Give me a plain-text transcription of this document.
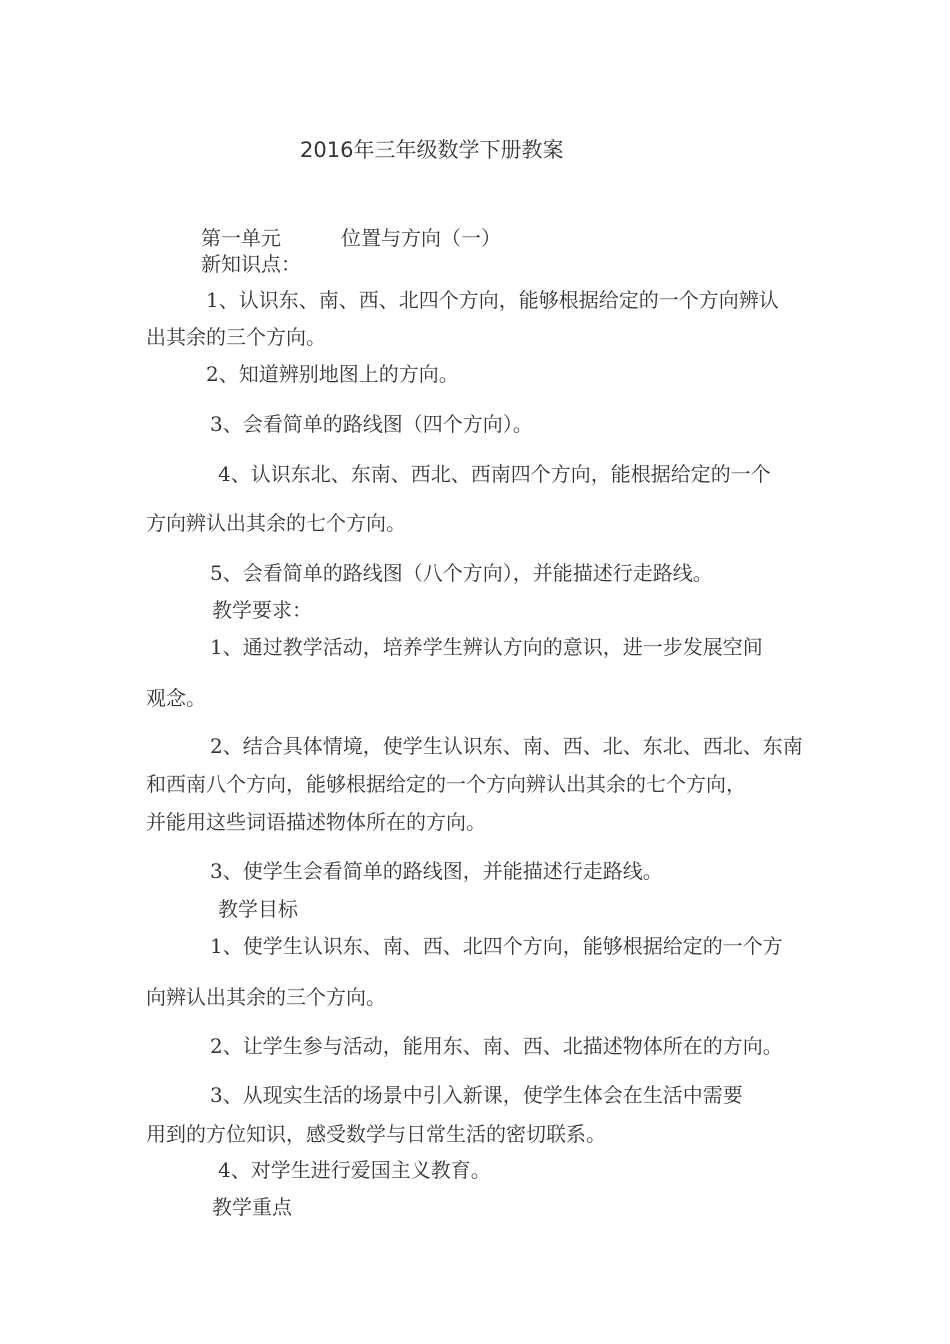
2016年三年级数学下册教案
第一单元	位置与方向（一）
新知识点：
1、认识东、南、西、北四个方向，能够根据给定的一个方向辨认
出其余的三个方向。
2、知道辨别地图上的方向。
3、会看简单的路线图（四个方向）。
4、认识东北、东南、西北、西南四个方向，能根据给定的一个
方向辨认出其余的七个方向。
5、会看简单的路线图（八个方向），并能描述行走路线。
教学要求：
1、通过教学活动，培养学生辨认方向的意识，进一步发展空间
观念。
2、结合具体情境，使学生认识东、南、西、北、东北、西北、东南
和西南八个方向，能够根据给定的一个方向辨认出其余的七个方向，
并能用这些词语描述物体所在的方向。
3、使学生会看简单的路线图，并能描述行走路线。
教学目标
1、使学生认识东、南、西、北四个方向，能够根据给定的一个方
向辨认出其余的三个方向。
2、让学生参与活动，能用东、南、西、北描述物体所在的方向。
3、从现实生活的场景中引入新课，使学生体会在生活中需要
用到的方位知识，感受数学与日常生活的密切联系。
4、对学生进行爱国主义教育。
教学重点
